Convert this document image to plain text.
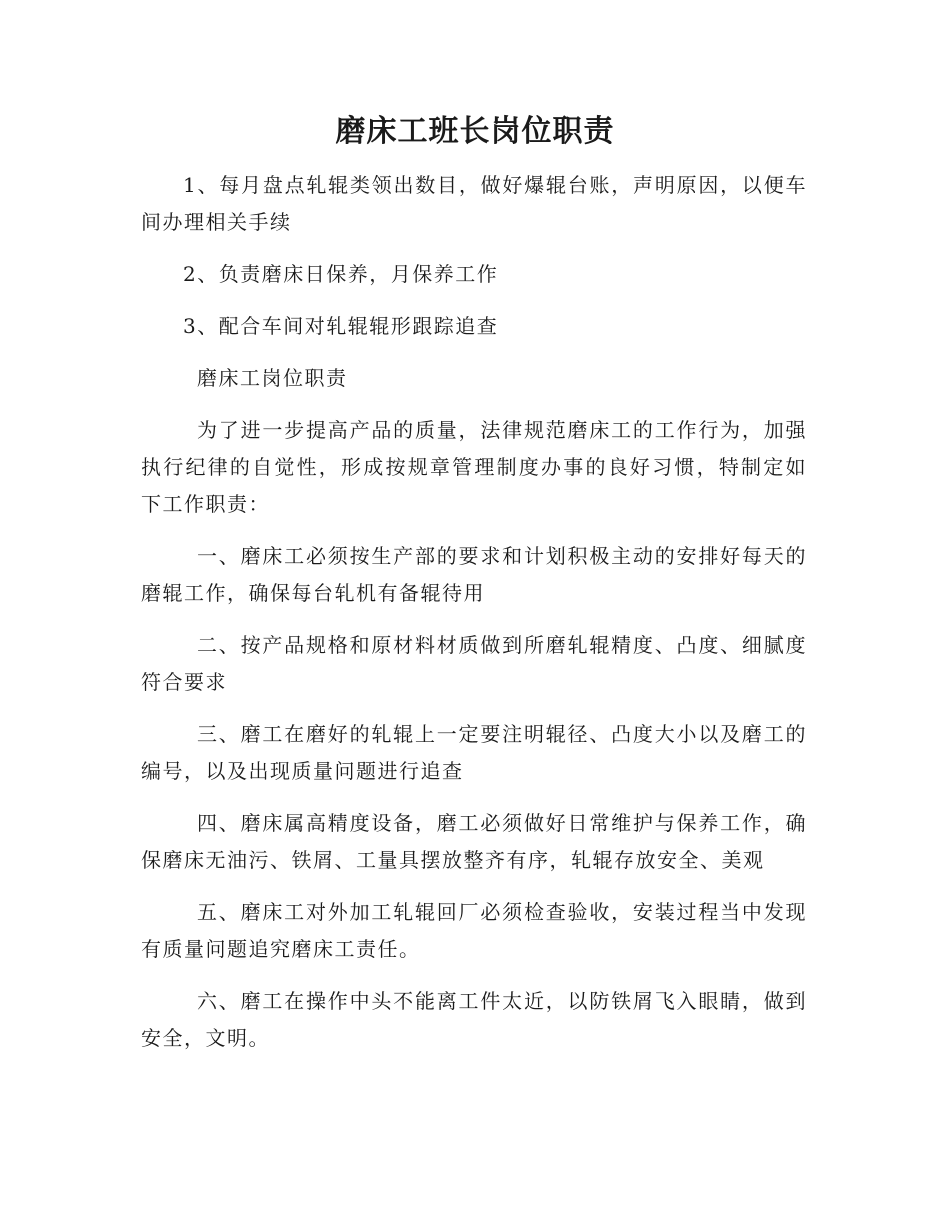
磨床工班长岗位职责

1、每月盘点轧辊类领出数目，做好爆辊台账，声明原因，以便车间办理相关手续

2、负责磨床日保养，月保养工作

3、配合车间对轧辊辊形跟踪追查

磨床工岗位职责

为了进一步提高产品的质量，法律规范磨床工的工作行为，加强执行纪律的自觉性，形成按规章管理制度办事的良好习惯，特制定如下工作职责：

一、磨床工必须按生产部的要求和计划积极主动的安排好每天的磨辊工作，确保每台轧机有备辊待用

二、按产品规格和原材料材质做到所磨轧辊精度、凸度、细腻度符合要求

三、磨工在磨好的轧辊上一定要注明辊径、凸度大小以及磨工的编号，以及出现质量问题进行追查

四、磨床属高精度设备，磨工必须做好日常维护与保养工作，确保磨床无油污、铁屑、工量具摆放整齐有序，轧辊存放安全、美观

五、磨床工对外加工轧辊回厂必须检查验收，安装过程当中发现有质量问题追究磨床工责任。

六、磨工在操作中头不能离工件太近，以防铁屑飞入眼睛，做到安全，文明。
